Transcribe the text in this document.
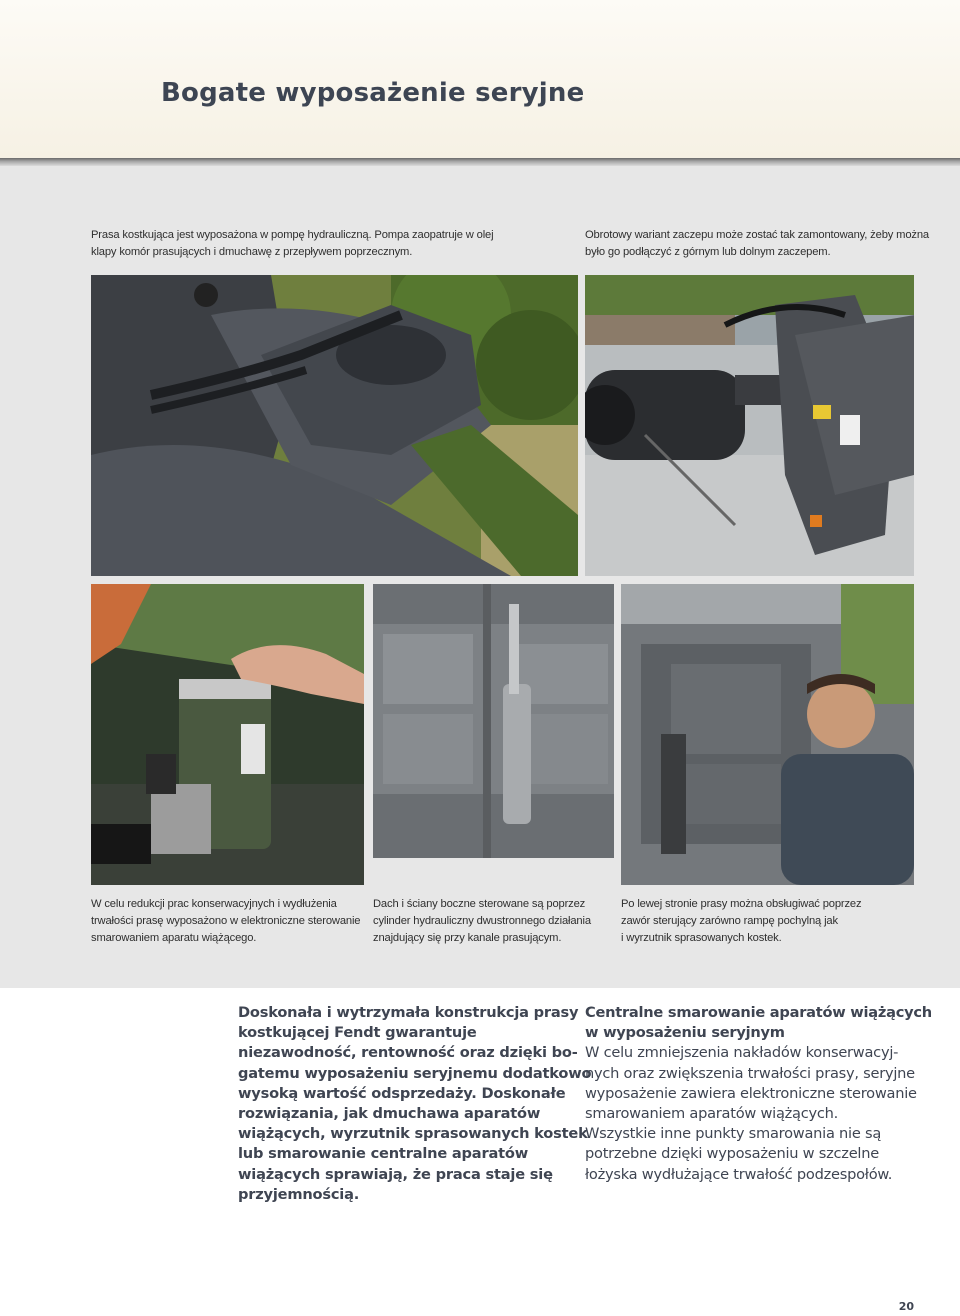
Bogate wyposażenie seryjne
Prasa kostkująca jest wyposażona w pompę hydrauliczną. Pompa zaopatruje w olej
klapy komór prasujących i dmuchawę z przepływem poprzecznym.
Obrotowy wariant zaczepu może zostać tak zamontowany, żeby można
było go podłączyć z górnym lub dolnym zaczepem.
W celu redukcji prac konserwacyjnych i wydłużenia
trwałości prasę wyposażono w elektroniczne sterowanie
smarowaniem aparatu wiążącego.
Dach i ściany boczne sterowane są poprzez
cylinder hydrauliczny dwustronnego działania
znajdujący się przy kanale prasującym.
Po lewej stronie prasy można obsługiwać poprzez
zawór sterujący zarówno rampę pochylną jak
i wyrzutnik sprasowanych kostek.
Doskonała i wytrzymała konstrukcja prasy
kostkującej Fendt gwarantuje
niezawodność, rentowność oraz dzięki bo-
gatemu wyposażeniu seryjnemu dodatkowo
wysoką wartość odsprzedaży. Doskonałe
rozwiązania, jak dmuchawa aparatów
wiążących, wyrzutnik sprasowanych kostek
lub smarowanie centralne aparatów
wiążących sprawiają, że praca staje się
przyjemnością.
Centralne smarowanie aparatów wiążących
w wyposażeniu seryjnym
W celu zmniejszenia nakładów konserwacyj-
nych oraz zwiększenia trwałości prasy, seryjne
wyposażenie zawiera elektroniczne sterowanie
smarowaniem aparatów wiążących.
Wszystkie inne punkty smarowania nie są
potrzebne dzięki wyposażeniu w szczelne
łożyska wydłużające trwałość podzespołów.
20
